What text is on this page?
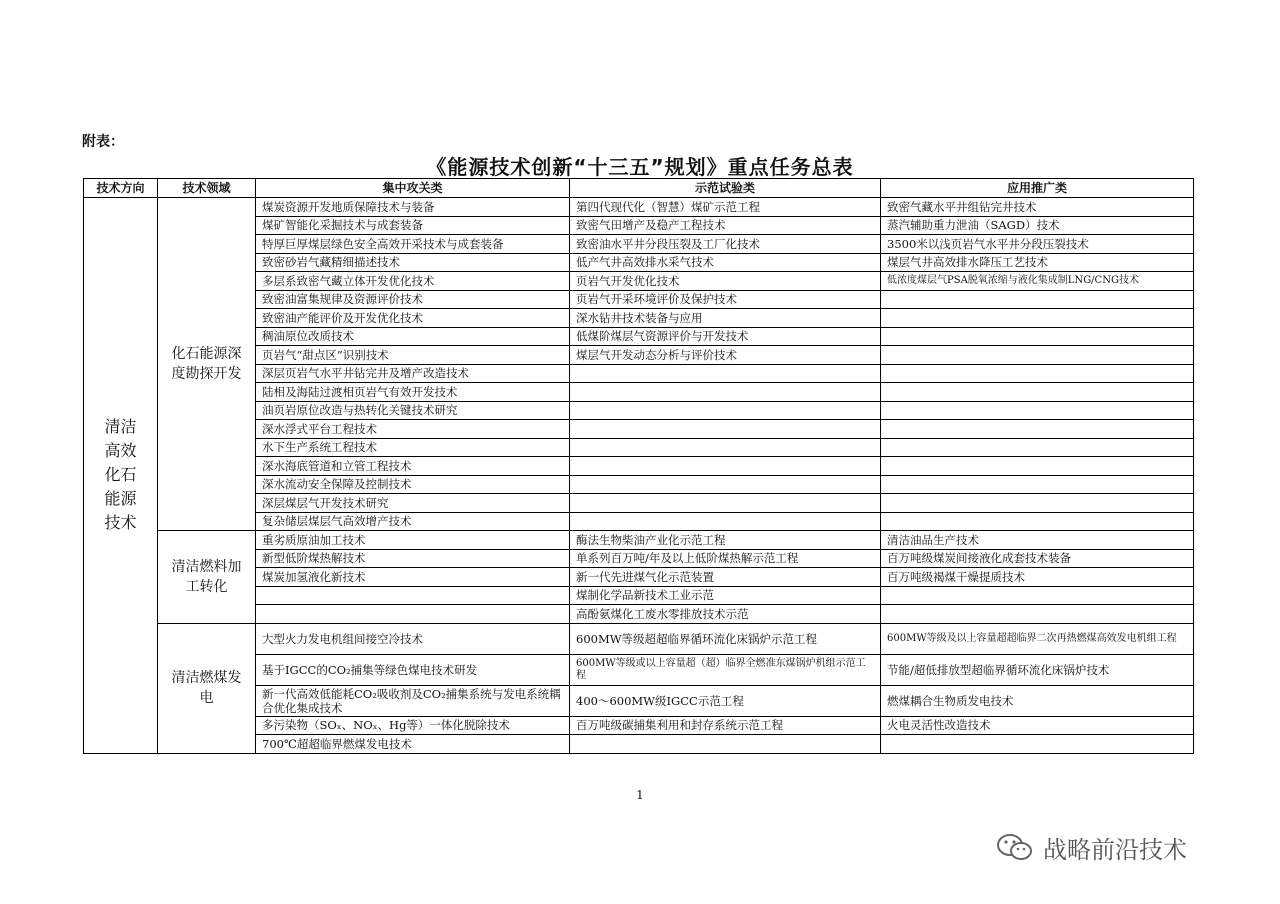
附表：
《能源技术创新“十三五”规划》重点任务总表
技术方向	技术领域	集中攻关类	示范试验类	应用推广类

清洁高效化石能源技术	化石能源深度勘探开发	煤炭资源开发地质保障技术与装备	第四代现代化（智慧）煤矿示范工程	致密气藏水平井组钻完井技术
		煤矿智能化采掘技术与成套装备	致密气田增产及稳产工程技术	蒸汽辅助重力泄油（SAGD）技术
		特厚巨厚煤层绿色安全高效开采技术与成套装备	致密油水平井分段压裂及工厂化技术	3500米以浅页岩气水平井分段压裂技术
		致密砂岩气藏精细描述技术	低产气井高效排水采气技术	煤层气井高效排水降压工艺技术
		多层系致密气藏立体开发优化技术	页岩气开发优化技术	低浓度煤层气PSA脱氧浓缩与液化集成制LNG/CNG技术
		致密油富集规律及资源评价技术	页岩气开采环境评价及保护技术	
		致密油产能评价及开发优化技术	深水钻井技术装备与应用	
		稠油原位改质技术	低煤阶煤层气资源评价与开发技术	
		页岩气“甜点区”识别技术	煤层气开发动态分析与评价技术	
		深层页岩气水平井钻完井及增产改造技术		
		陆相及海陆过渡相页岩气有效开发技术		
		油页岩原位改造与热转化关键技术研究		
		深水浮式平台工程技术		
		水下生产系统工程技术		
		深水海底管道和立管工程技术		
		深水流动安全保障及控制技术		
		深层煤层气开发技术研究		
		复杂储层煤层气高效增产技术		

	清洁燃料加工转化	重劣质原油加工技术	酶法生物柴油产业化示范工程	清洁油品生产技术
		新型低阶煤热解技术	单系列百万吨/年及以上低阶煤热解示范工程	百万吨级煤炭间接液化成套技术装备
		煤炭加氢液化新技术	新一代先进煤气化示范装置	百万吨级褐煤干燥提质技术
			煤制化学品新技术工业示范	
			高酚氨煤化工废水零排放技术示范	

	清洁燃煤发电	大型火力发电机组间接空冷技术	600MW等级超超临界循环流化床锅炉示范工程	600MW等级及以上容量超超临界二次再热燃煤高效发电机组工程
		基于IGCC的CO₂捕集等绿色煤电技术研发	600MW等级或以上容量超（超）临界全燃准东煤锅炉机组示范工程	节能/超低排放型超临界循环流化床锅炉技术
		新一代高效低能耗CO₂吸收剂及CO₂捕集系统与发电系统耦合优化集成技术	400～600MW级IGCC示范工程	燃煤耦合生物质发电技术
		多污染物（SOₓ、NOₓ、Hg等）一体化脱除技术	百万吨级碳捕集利用和封存系统示范工程	火电灵活性改造技术
		700℃超超临界燃煤发电技术		
1
战略前沿技术
